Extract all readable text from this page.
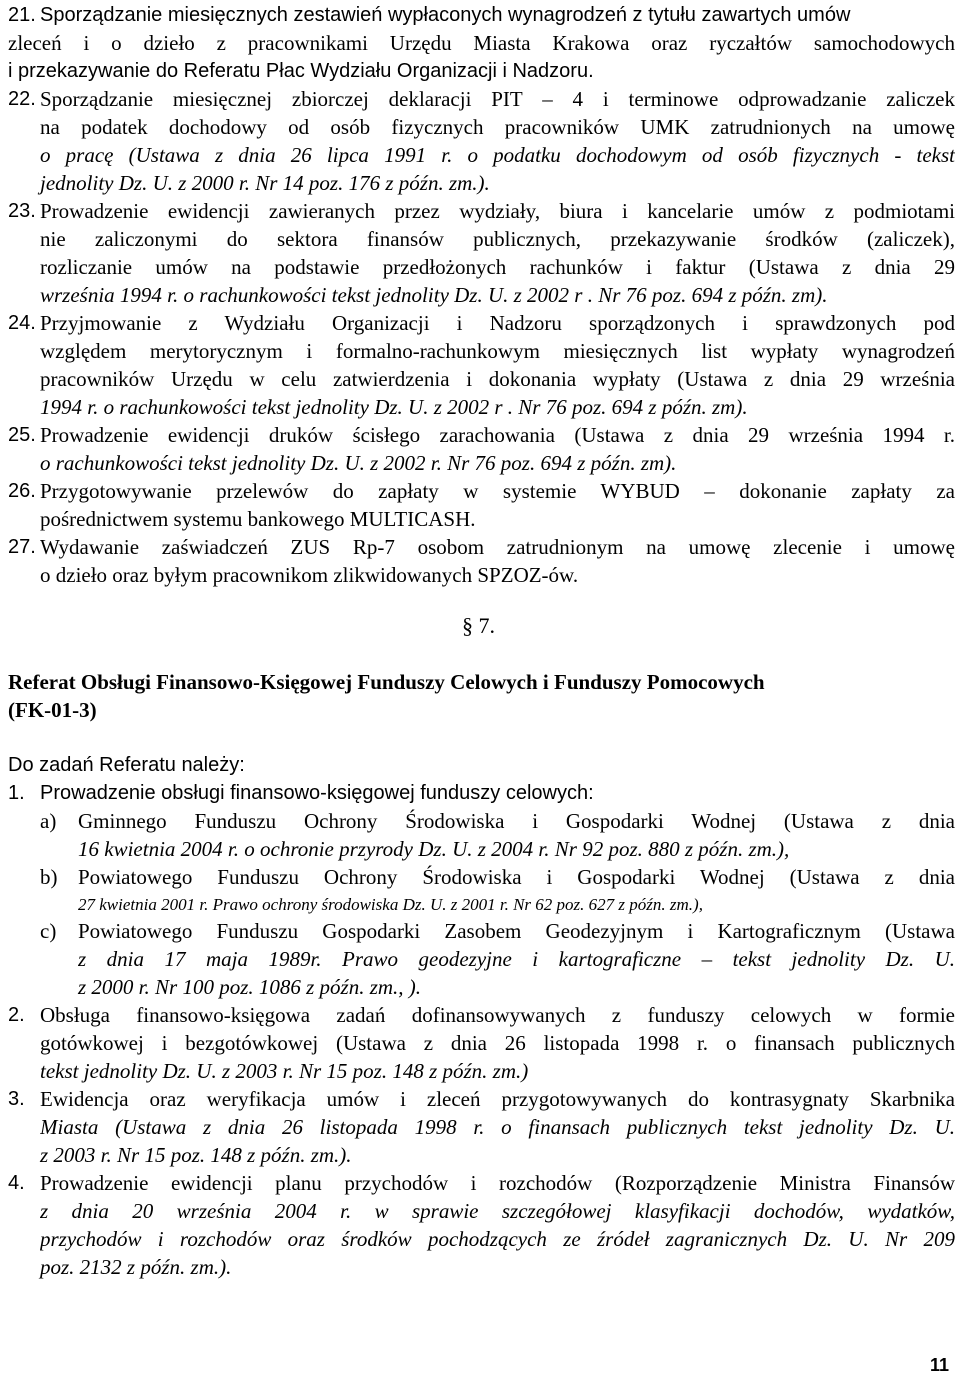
21. Sporządzanie miesięcznych zestawień wypłaconych wynagrodzeń z tytułu zawartych umów
zleceń i o dzieło z pracownikami Urzędu Miasta Krakowa oraz ryczałtów samochodowych
i przekazywanie do Referatu Płac Wydziału Organizacji i Nadzoru.
22. Sporządzanie miesięcznej zbiorczej deklaracji PIT – 4 i terminowe odprowadzanie zaliczek
na podatek dochodowy od osób fizycznych pracowników UMK zatrudnionych na umowę
o pracę (Ustawa z dnia 26 lipca 1991 r. o podatku dochodowym od osób fizycznych - tekst
jednolity Dz. U. z 2000 r. Nr 14 poz. 176 z późn. zm.).
23. Prowadzenie ewidencji zawieranych przez wydziały, biura i kancelarie umów z podmiotami
nie zaliczonymi do sektora finansów publicznych, przekazywanie środków (zaliczek),
rozliczanie umów na podstawie przedłożonych rachunków i faktur (Ustawa z dnia 29
września 1994 r. o rachunkowości tekst jednolity Dz. U. z 2002 r . Nr 76 poz. 694 z późn. zm).
24. Przyjmowanie z Wydziału Organizacji i Nadzoru sporządzonych i sprawdzonych pod
względem merytorycznym i formalno-rachunkowym miesięcznych list wypłaty wynagrodzeń
pracowników Urzędu w celu zatwierdzenia i dokonania wypłaty (Ustawa z dnia 29 września
1994 r. o rachunkowości tekst jednolity Dz. U. z 2002 r . Nr 76 poz. 694 z późn. zm).
25. Prowadzenie ewidencji druków ścisłego zarachowania (Ustawa z dnia 29 września 1994 r.
o rachunkowości tekst jednolity Dz. U. z 2002 r. Nr 76 poz. 694 z późn. zm).
26. Przygotowywanie przelewów do zapłaty w systemie WYBUD – dokonanie zapłaty za
pośrednictwem systemu bankowego MULTICASH.
27. Wydawanie zaświadczeń ZUS Rp-7 osobom zatrudnionym na umowę zlecenie i umowę
o dzieło oraz byłym pracownikom zlikwidowanych SPZOZ-ów.
§ 7.
Referat Obsługi Finansowo-Księgowej Funduszy Celowych i Funduszy Pomocowych
(FK-01-3)
Do zadań Referatu należy:
1. Prowadzenie obsługi finansowo-księgowej funduszy celowych:
a) Gminnego Funduszu Ochrony Środowiska i Gospodarki Wodnej (Ustawa z dnia
16 kwietnia 2004 r. o ochronie przyrody Dz. U. z 2004 r. Nr 92 poz. 880 z późn. zm.),
b) Powiatowego Funduszu Ochrony Środowiska i Gospodarki Wodnej (Ustawa z dnia
27 kwietnia 2001 r. Prawo ochrony środowiska Dz. U. z 2001 r. Nr 62 poz. 627 z późn. zm.),
c) Powiatowego Funduszu Gospodarki Zasobem Geodezyjnym i Kartograficznym (Ustawa
z dnia 17 maja 1989r. Prawo geodezyjne i kartograficzne – tekst jednolity Dz. U.
z 2000 r. Nr 100 poz. 1086 z późn. zm., ).
2. Obsługa finansowo-księgowa zadań dofinansowywanych z funduszy celowych w formie
gotówkowej i bezgotówkowej (Ustawa z dnia 26 listopada 1998 r. o finansach publicznych
tekst jednolity Dz. U. z 2003 r. Nr 15 poz. 148 z późn. zm.)
3. Ewidencja oraz weryfikacja umów i zleceń przygotowywanych do kontrasygnaty Skarbnika
Miasta (Ustawa z dnia 26 listopada 1998 r. o finansach publicznych tekst jednolity Dz. U.
z 2003 r. Nr 15 poz. 148 z późn. zm.).
4. Prowadzenie ewidencji planu przychodów i rozchodów (Rozporządzenie Ministra Finansów
z dnia 20 września 2004 r. w sprawie szczegółowej klasyfikacji dochodów, wydatków,
przychodów i rozchodów oraz środków pochodzących ze źródeł zagranicznych Dz. U. Nr 209
poz. 2132 z późn. zm.).
11
